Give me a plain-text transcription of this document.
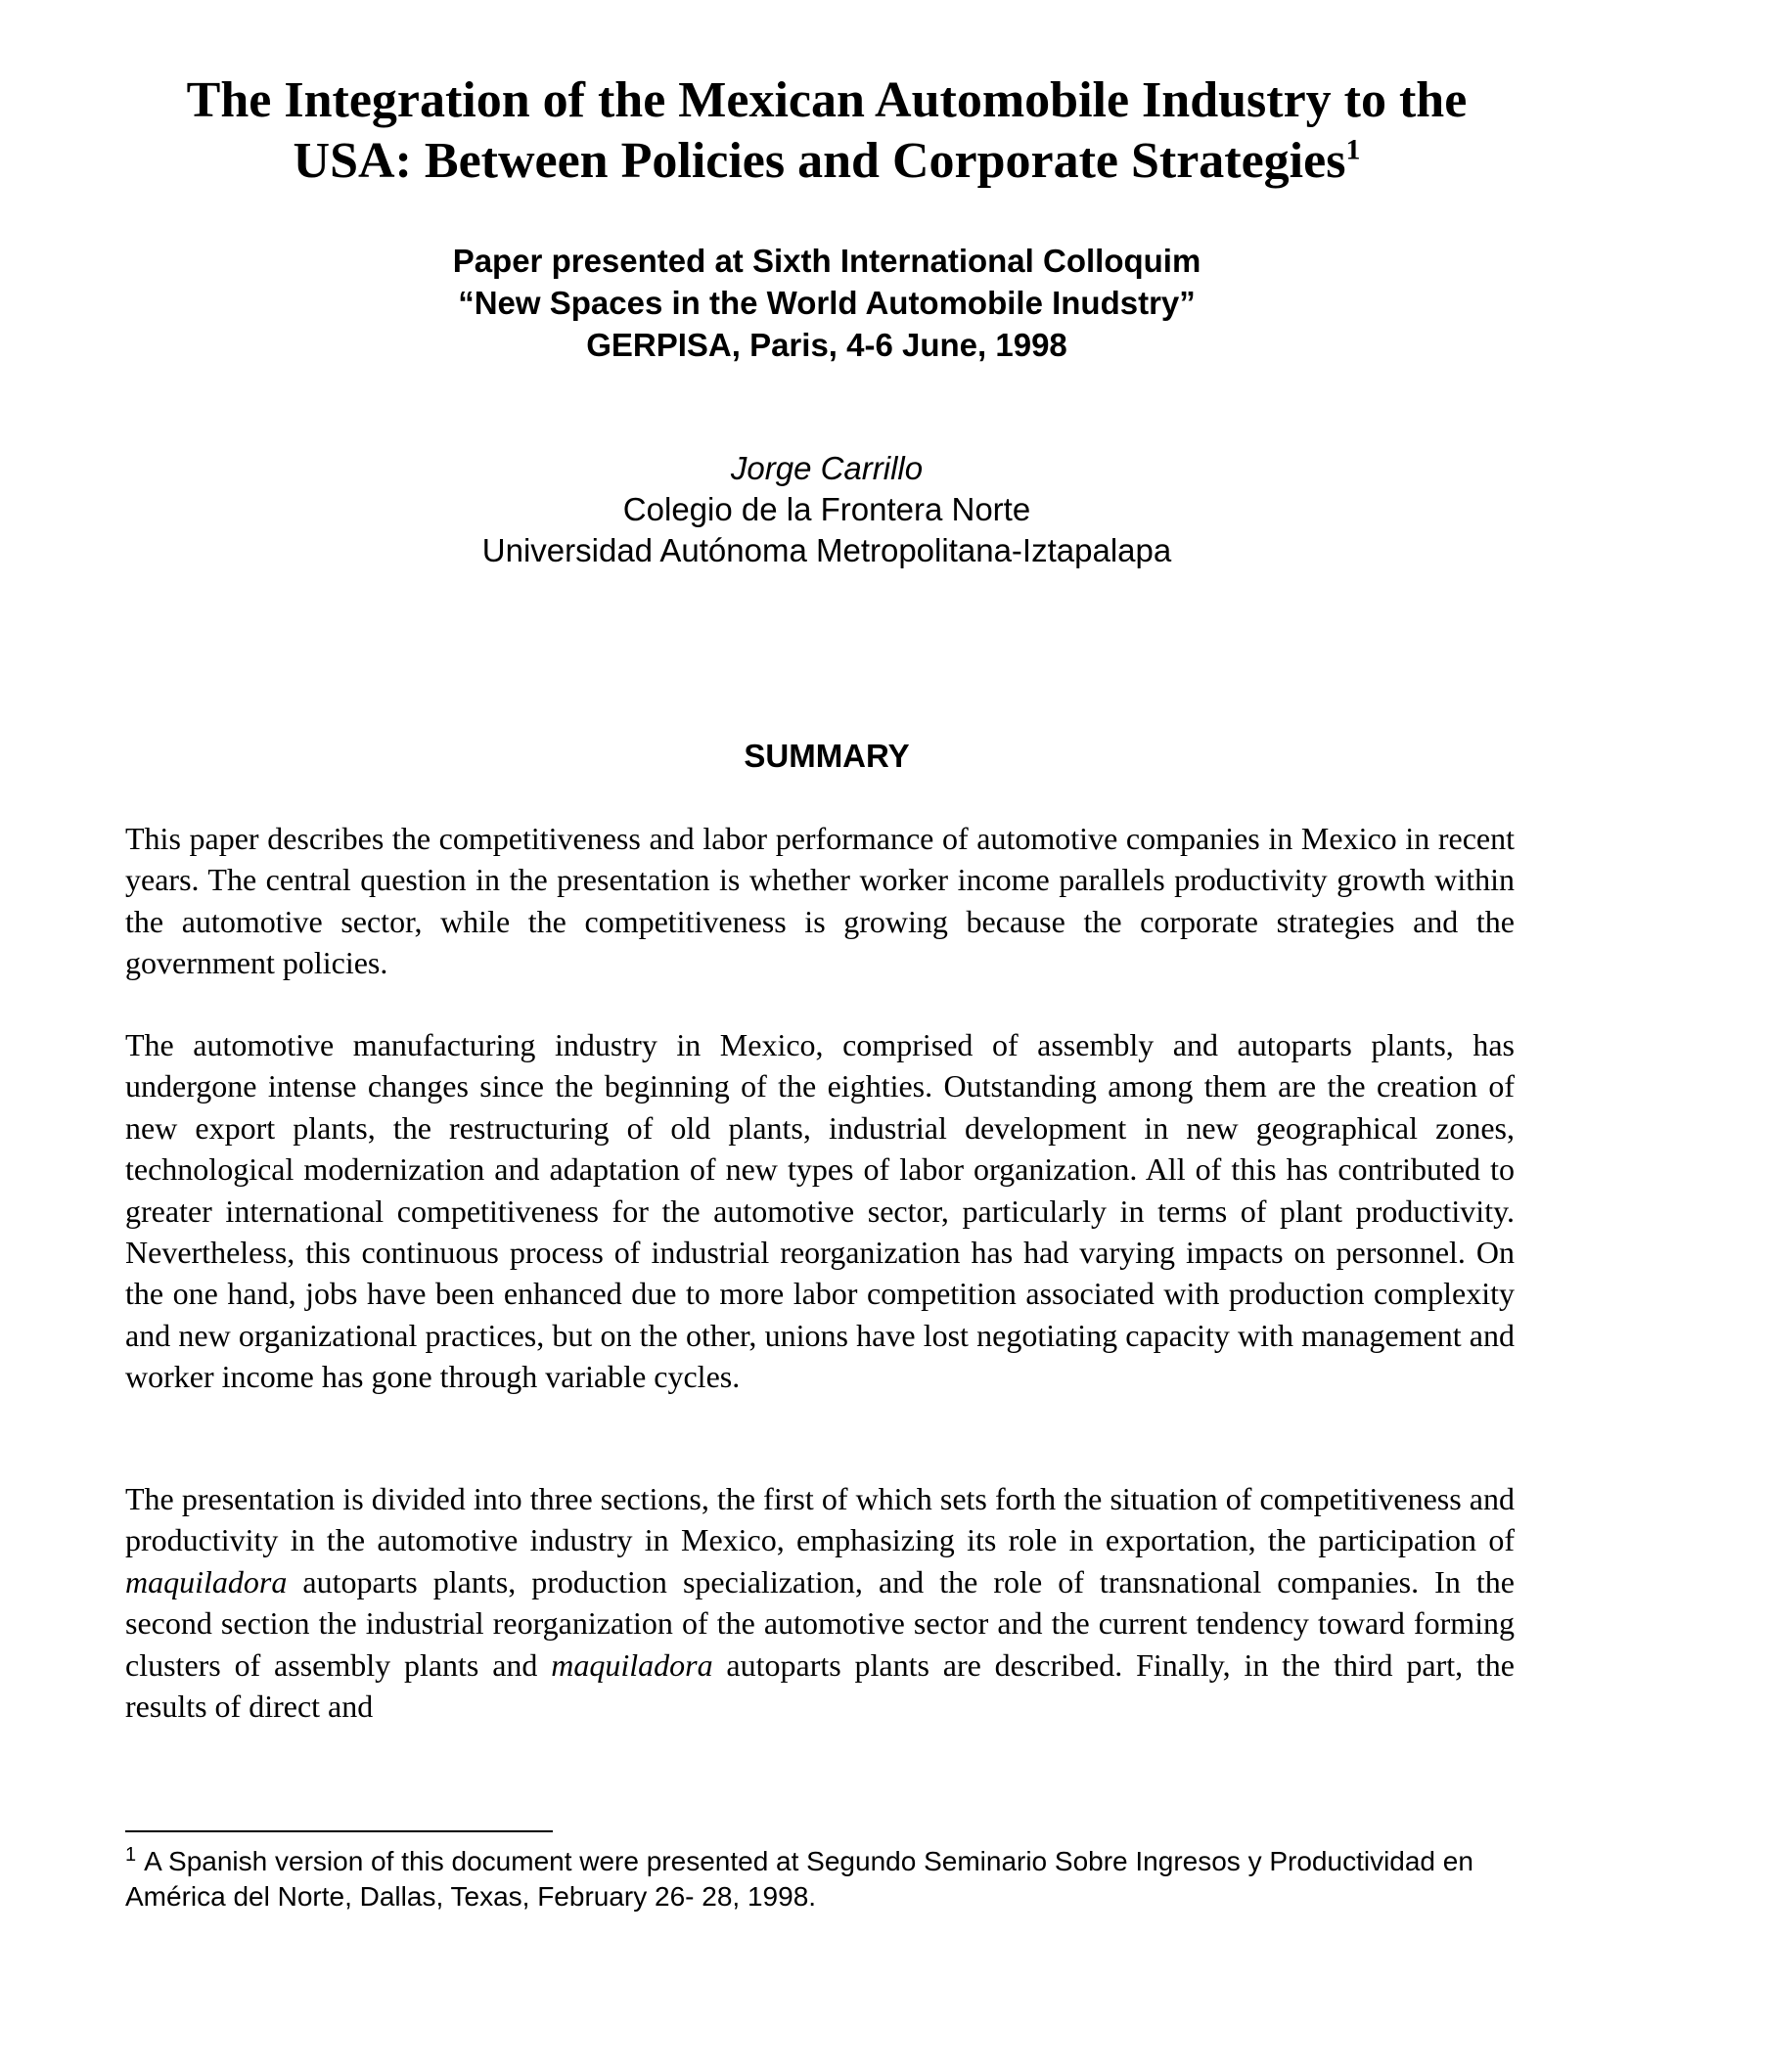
The Integration of the Mexican Automobile Industry to the
USA: Between Policies and Corporate Strategies$^1$
Paper presented at Sixth International Colloquim
“New Spaces in the World Automobile Inudstry”
GERPISA, Paris, 4-6 June, 1998
Jorge Carrillo
Colegio de la Frontera Norte
Universidad Autónoma Metropolitana-Iztapalapa
SUMMARY

This paper describes the competitiveness and labor performance of automotive companies in Mexico in recent years. The central question in the presentation is whether worker income parallels productivity growth within the automotive sector, while the competitiveness is growing because the corporate strategies and the government policies.

The automotive manufacturing industry in Mexico, comprised of assembly and autoparts plants, has undergone intense changes since the beginning of the eighties. Outstanding among them are the creation of new export plants, the restructuring of old plants, industrial development in new geographical zones, technological modernization and adaptation of new types of labor organization. All of this has contributed to greater international competitiveness for the automotive sector, particularly in terms of plant productivity. Nevertheless, this continuous process of industrial reorganization has had varying impacts on personnel. On the one hand, jobs have been enhanced due to more labor competition associated with production complexity and new organizational practices, but on the other, unions have lost negotiating capacity with management and worker income has gone through variable cycles.

The presentation is divided into three sections, the first of which sets forth the situation of competitiveness and productivity in the automotive industry in Mexico, emphasizing its role in exportation, the participation of maquiladora autoparts plants, production specialization, and the role of transnational companies. In the second section the industrial reorganization of the automotive sector and the current tendency toward forming clusters of assembly plants and maquiladora autoparts plants are described. Finally, in the third part, the results of direct and

$^1$ A Spanish version of this document were presented at Segundo Seminario Sobre Ingresos y Productividad en
América del Norte, Dallas, Texas, February 26- 28, 1998.
